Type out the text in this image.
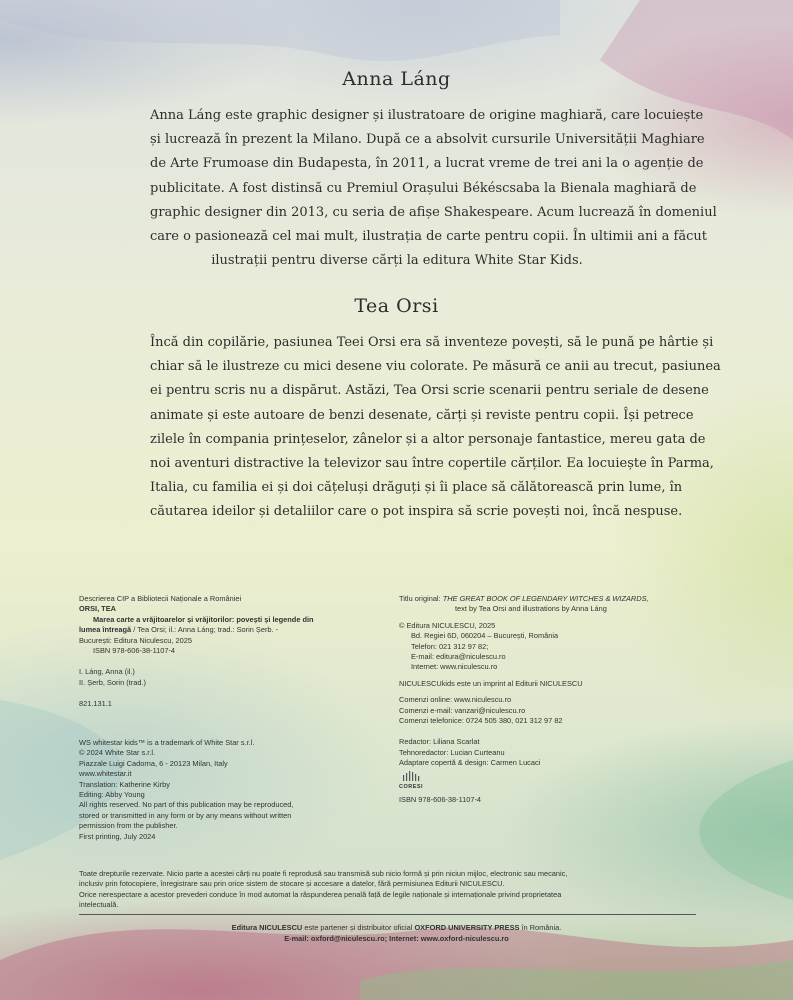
Anna Láng
Anna Láng este graphic designer și ilustratoare de origine maghiară, care locuiește
și lucrează în prezent la Milano. După ce a absolvit cursurile Universității Maghiare
de Arte Frumoase din Budapesta, în 2011, a lucrat vreme de trei ani la o agenție de
publicitate. A fost distinsă cu Premiul Orașului Békéscsaba la Bienala maghiară de
graphic designer din 2013, cu seria de afișe Shakespeare. Acum lucrează în domeniul
care o pasionează cel mai mult, ilustrația de carte pentru copii. În ultimii ani a făcut
ilustrații pentru diverse cărți la editura White Star Kids.
Tea Orsi
Încă din copilărie, pasiunea Teei Orsi era să inventeze povești, să le pună pe hârtie și
chiar să le ilustreze cu mici desene viu colorate. Pe măsură ce anii au trecut, pasiunea
ei pentru scris nu a dispărut. Astăzi, Tea Orsi scrie scenarii pentru seriale de desene
animate și este autoare de benzi desenate, cărți și reviste pentru copii. Își petrece
zilele în compania prințeselor, zânelor și a altor personaje fantastice, mereu gata de
noi aventuri distractive la televizor sau între copertile cărților. Ea locuiește în Parma,
Italia, cu familia ei și doi cățeluși drăguți și îi place să călătorească prin lume, în
căutarea ideilor și detaliilor care o pot inspira să scrie povești noi, încă nespuse.
Descrierea CIP a Bibliotecii Naționale a României
ORSI, TEA
Marea carte a vrăjitoarelor și vrăjitorilor: povești și legende din
lumea întreagă / Tea Orsi; il.: Anna Láng; trad.: Sorin Șerb. -
București: Editura Niculescu, 2025
ISBN 978-606-38-1107-4
I. Láng, Anna (il.)
II. Șerb, Sorin (trad.)
821.131.1
WS whitestar kids™ is a trademark of White Star s.r.l.
© 2024 White Star s.r.l.
Piazzale Luigi Cadorna, 6 - 20123 Milan, Italy
www.whitestar.it
Translation: Katherine Kirby
Editing: Abby Young
All rights reserved. No part of this publication may be reproduced,
stored or transmitted in any form or by any means without written
permission from the publisher.
First printing, July 2024
Titlu original: THE GREAT BOOK OF LEGENDARY WITCHES & WIZARDS,
text by Tea Orsi and illustrations by Anna Láng
© Editura NICULESCU, 2025
Bd. Regiei 6D, 060204 – București, România
Telefon: 021 312 97 82;
E-mail: editura@niculescu.ro
Internet: www.niculescu.ro
NICULESCUkids este un imprint al Editurii NICULESCU
Comenzi online: www.niculescu.ro
Comenzi e-mail: vanzari@niculescu.ro
Comenzi telefonice: 0724 505 380, 021 312 97 82
Redactor: Liliana Scarlat
Tehnoredactor: Lucian Curteanu
Adaptare copertă & design: Carmen Lucaci
CORESI
ISBN 978-606-38-1107-4
Toate drepturile rezervate. Nicio parte a acestei cărți nu poate fi reprodusă sau transmisă sub nicio formă și prin niciun mijloc, electronic sau mecanic,
inclusiv prin fotocopiere, înregistrare sau prin orice sistem de stocare și accesare a datelor, fără permisiunea Editurii NICULESCU.
Orice nerespectare a acestor prevederi conduce în mod automat la răspunderea penală față de legile naționale și internaționale privind proprietatea
intelectuală.
Editura NICULESCU este partener și distribuitor oficial OXFORD UNIVERSITY PRESS în România.
E-mail: oxford@niculescu.ro; Internet: www.oxford-niculescu.ro
